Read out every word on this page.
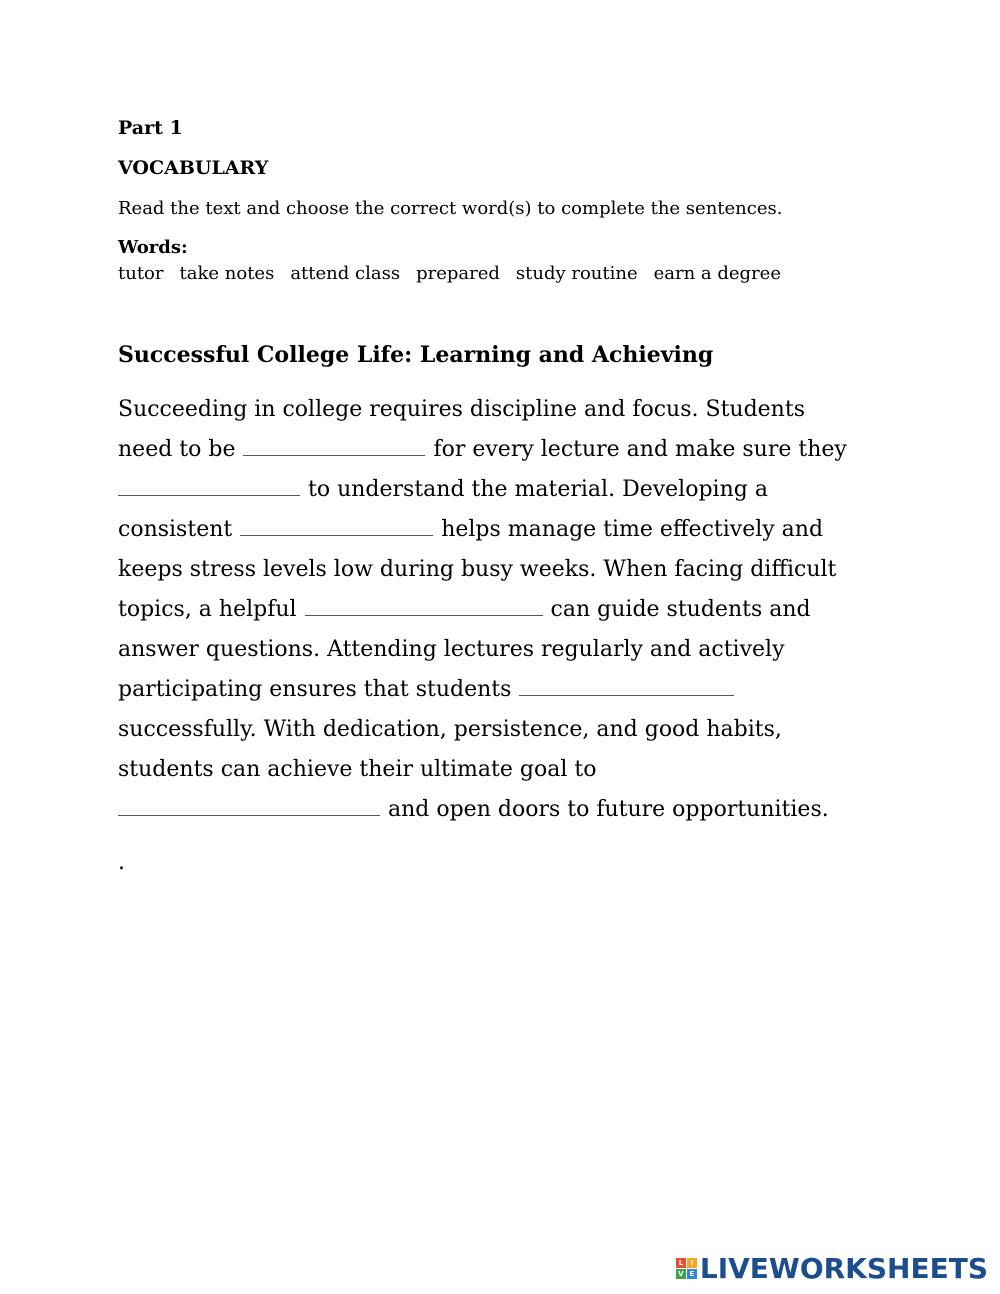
Part 1
VOCABULARY
Read the text and choose the correct word(s) to complete the sentences.
Words:
tutor take notes attend class prepared study routine earn a degree
Successful College Life: Learning and Achieving
Succeeding in college requires discipline and focus. Students
need to be	for every lecture and make sure they
to understand the material. Developing a
consistent	helps manage time effectively and
keeps stress levels low during busy weeks. When facing difficult
topics, a helpful	can guide students and
answer questions. Attending lectures regularly and actively
participating ensures that students
successfully. With dedication, persistence, and good habits,
students can achieve their ultimate goal to
and open doors to future opportunities.
.
L	I
V E LIVEWORKSHEETS
